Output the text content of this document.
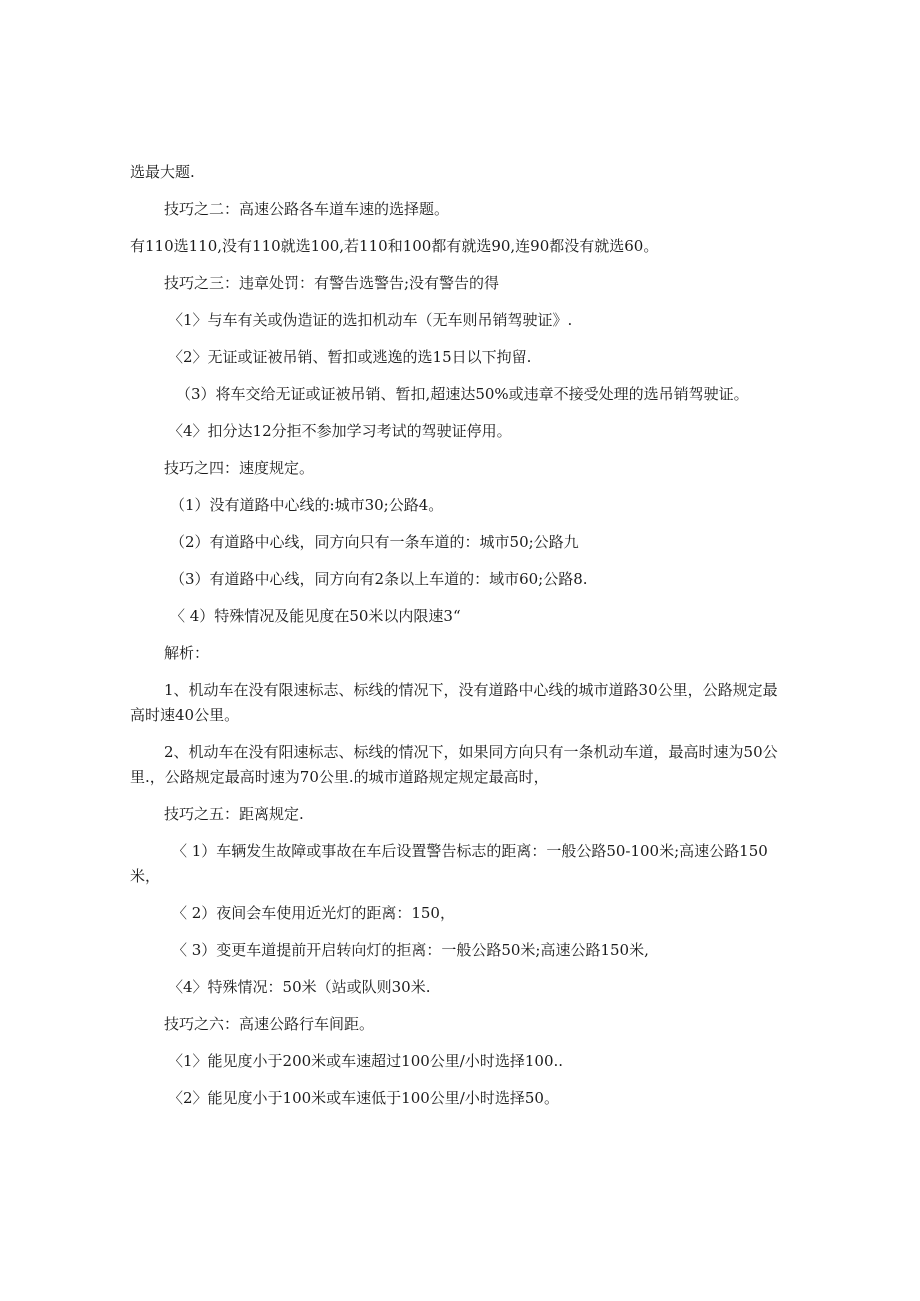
选最大题.

技巧之二：高速公路各车道车速的选择题。

有110选110,没有110就选100,若110和100都有就选90,连90都没有就选60。

技巧之三：违章处罚：有警告选警告;没有警告的得

〈1〉与车有关或伪造证的选扣机动车（无车则吊销驾驶证》.

〈2〉无证或证被吊销、暂扣或逃逸的选15日以下拘留.

（3）将车交给无证或证被吊销、暂扣,超速达50%或违章不接受处理的选吊销驾驶证。

〈4〉扣分达12分拒不参加学习考试的驾驶证停用。

技巧之四：速度规定。

（1）没有道路中心线的:城市30;公路4。

（2）有道路中心线，同方向只有一条车道的：城市50;公路九

（3）有道路中心线，同方向有2条以上车道的：域市60;公路8.

〈 4）特殊情况及能见度在50米以内限速3“

解析：

1、机动车在没有限速标志、标线的情况下，没有道路中心线的城市道路30公里，公路规定最高时速40公里。

2、机动车在没有阳速标志、标线的情况下，如果同方向只有一条机动车道，最高时速为50公里.，公路规定最高时速为70公里.的城市道路规定规定最高时，

技巧之五：距离规定.

〈 1）车辆发生故障或事故在车后设置警告标志的距离：一般公路50-100米;高速公路150米，

〈 2）夜间会车使用近光灯的距离：150，

〈 3）变更车道提前开启转向灯的拒离：一般公路50米;高速公路150米,

〈4〉特殊情况：50米（站或队则30米.

技巧之六：高速公路行车间距。

〈1〉能见度小于200米或车速超过100公里/小时选择100..

〈2〉能见度小于100米或车速低于100公里/小时选择50。
